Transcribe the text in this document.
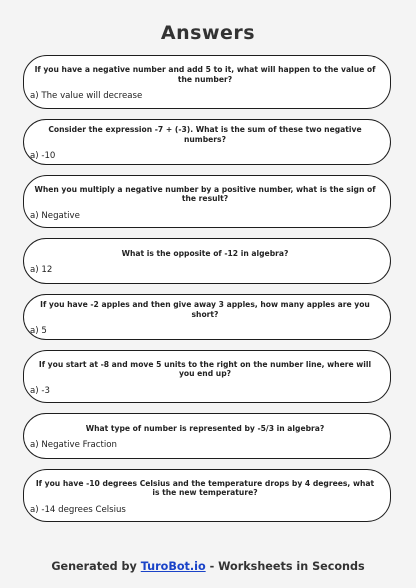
Answers
If you have a negative number and add 5 to it, what will happen to the value of the number?
a) The value will decrease
Consider the expression -7 + (-3). What is the sum of these two negative numbers?
a) -10
When you multiply a negative number by a positive number, what is the sign of the result?
a) Negative
What is the opposite of -12 in algebra?
a) 12
If you have -2 apples and then give away 3 apples, how many apples are you short?
a) 5
If you start at -8 and move 5 units to the right on the number line, where will you end up?
a) -3
What type of number is represented by -5/3 in algebra?
a) Negative Fraction
If you have -10 degrees Celsius and the temperature drops by 4 degrees, what is the new temperature?
a) -14 degrees Celsius
Generated by TuroBot.io - Worksheets in Seconds
